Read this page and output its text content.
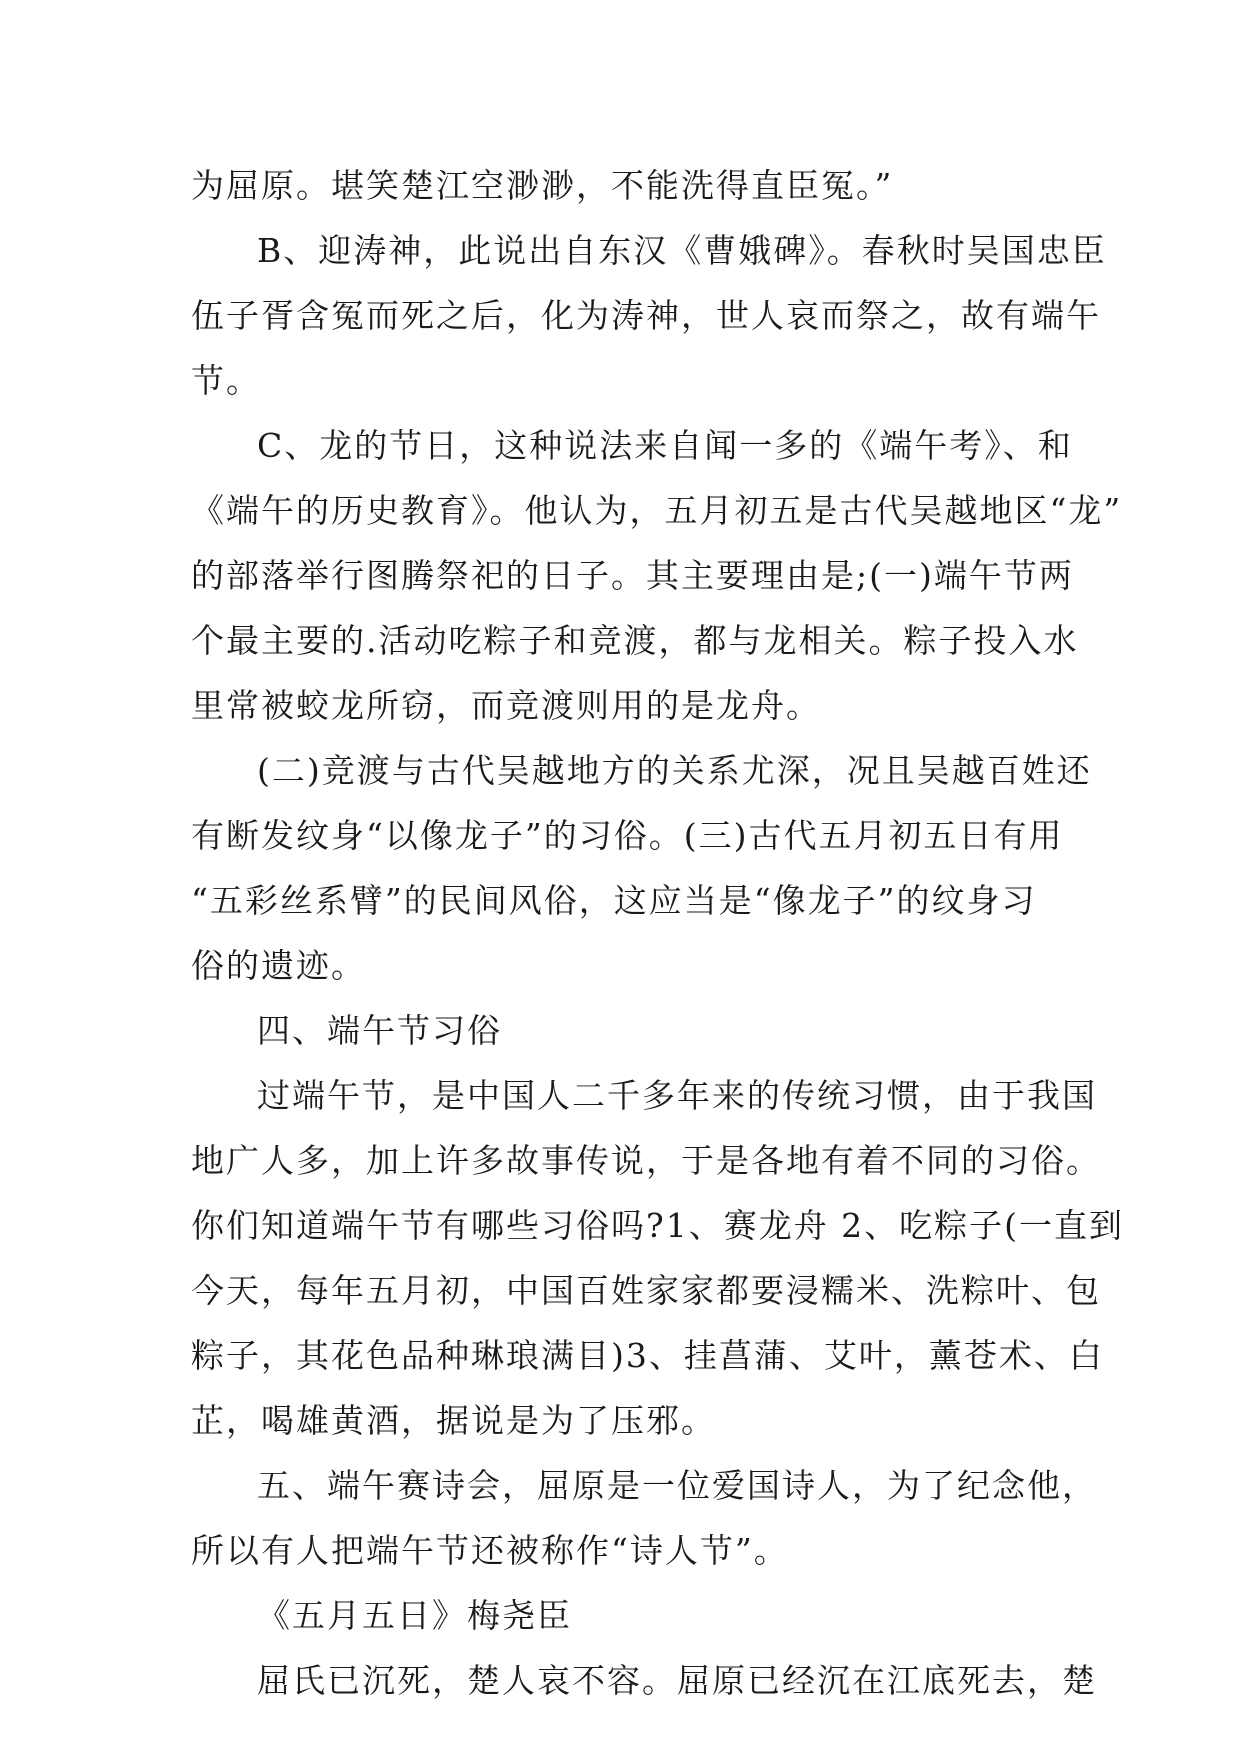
为屈原。堪笑楚江空渺渺，不能洗得直臣冤。”
B、迎涛神，此说出自东汉《曹娥碑》。春秋时吴国忠臣
伍子胥含冤而死之后，化为涛神，世人哀而祭之，故有端午
节。
C、龙的节日，这种说法来自闻一多的《端午考》、和
《端午的历史教育》。他认为，五月初五是古代吴越地区“龙”
的部落举行图腾祭祀的日子。其主要理由是;(一)端午节两
个最主要的.活动吃粽子和竞渡，都与龙相关。粽子投入水
里常被蛟龙所窃，而竞渡则用的是龙舟。
(二)竞渡与古代吴越地方的关系尤深，况且吴越百姓还
有断发纹身“以像龙子”的习俗。(三)古代五月初五日有用
“五彩丝系臂”的民间风俗，这应当是“像龙子”的纹身习
俗的遗迹。
四、端午节习俗
过端午节，是中国人二千多年来的传统习惯，由于我国
地广人多，加上许多故事传说，于是各地有着不同的习俗。
你们知道端午节有哪些习俗吗?1、赛龙舟 2、吃粽子(一直到
今天，每年五月初，中国百姓家家都要浸糯米、洗粽叶、包
粽子，其花色品种琳琅满目)3、挂菖蒲、艾叶，薰苍术、白
芷，喝雄黄酒，据说是为了压邪。
五、端午赛诗会，屈原是一位爱国诗人，为了纪念他，
所以有人把端午节还被称作“诗人节”。
《五月五日》梅尧臣
屈氏已沉死，楚人哀不容。屈原已经沉在江底死去，楚
